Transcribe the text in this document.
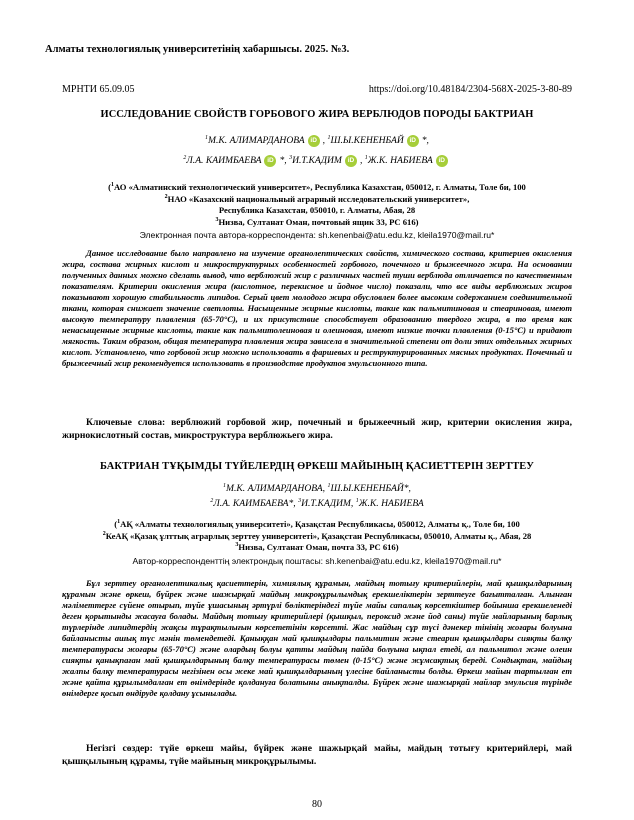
Алматы технологиялық университетінің хабаршысы. 2025. №3.
МРНТИ 65.09.05	https://doi.org/10.48184/2304-568X-2025-3-80-89
ИССЛЕДОВАНИЕ СВОЙСТВ ГОРБОВОГО ЖИРА ВЕРБЛЮДОВ ПОРОДЫ БАКТРИАН
$^1$М.К. АЛИМАРДАНОВА iD , $^1$Ш.Ы.КЕНЕНБАЙ iD *,
$^2$Л.А. КАИМБАЕВА iD *, $^3$И.Т.КАДИМ iD , $^1$Ж.К. НАБИЕВА iD
($^1$АО «Алматинский технологический университет», Республика Казахстан, 050012, г. Алматы, Толе би, 100
$^2$НАО «Казахский национальный аграрный исследовательский университет»,
Республика Казахстан, 050010, г. Алматы, Абая, 28
$^3$Низва, Султанат Оман, почтовый ящик 33, PC 616)
Электронная почта автора-корреспондента: sh.kenenbai@atu.edu.kz, kleila1970@mail.ru*
Данное исследование было направлено на изучение органолептических свойств, химического состава, критериев окисления жира, состава жирных кислот и микроструктурных особенностей горбового, почечного и брыжеечного жира. На основании полученных данных можно сделать вывод, что верблюжий жир с различных частей туши верблюда отличается по качественным показателям. Критерии окисления жира (кислотное, перекисное и йодное число) показали, что все виды верблюжьих жиров показывают хорошую стабильность липидов. Серый цвет молодого жира обусловлен более высоким содержанием соединительной ткани, которая снижает значение светлоты. Насыщенные жирные кислоты, такие как пальмитиновая и стеариновая, имеют высокую температуру плавления (65-70°C), и их присутствие способствует образованию твердого жира, в то время как ненасыщенные жирные кислоты, такие как пальмитолеиновая и олеиновая, имеют низкие точки плавления (0-15°C) и придают мягкость. Таким образом, общая температура плавления жира зависела в значительной степени от доли этих отдельных жирных кислот. Установлено, что горбовой жир можно использовать в фаршевых и реструктурированных мясных продуктах. Почечный и брыжеечный жир рекомендуется использовать в производстве продуктов эмульсионного типа.
Ключевые слова: верблюжий горбовой жир, почечный и брыжеечный жир, критерии окисления жира, жирнокислотный состав, микроструктура верблюжьего жира.
БАКТРИАН ТҰҚЫМДЫ ТҮЙЕЛЕРДІҢ ӨРКЕШ МАЙЫНЫҢ ҚАСИЕТТЕРІН ЗЕРТТЕУ
$^1$М.К. АЛИМАРДАНОВА, $^1$Ш.Ы.КЕНЕНБАЙ*,
$^2$Л.А. КАИМБАЕВА*, $^3$И.Т.КАДИМ, $^1$Ж.К. НАБИЕВА
($^1$АҚ «Алматы технологиялық университеті», Қазақстан Республикасы, 050012, Алматы қ., Толе би, 100
$^2$КеАҚ «Қазақ ұлттық аграрлық зерттеу университеті», Қазақстан Республикасы, 050010, Алматы қ., Абая, 28
$^3$Низва, Султанат Оман, почта 33, PC 616)
Автор-корреспонденттің электрондық поштасы: sh.kenenbai@atu.edu.kz, kleila1970@mail.ru*
Бұл зерттеу органолептикалық қасиеттерін, химиялық құрамын, майдың тотығу критерийлерін, май қышқылдарының құрамын және өркеш, бүйрек және шажырқай майдың микроқұрылымдық ерекшеліктерін зерттеуге бағытталған. Алынған мәліметтерге сүйене отырып, түйе ұшасының әртүрлі бөліктеріндегі түйе майы сапалық көрсеткіштер бойынша ерекшеленеді деген қорытынды жасауға болады. Майдың тотығу критерийлері (қышқыл, пероксид және йод саны) түйе майларының барлық түрлерінде липидтердің жақсы тұрақтылығын көрсететінін көрсетті. Жас майдың сұр түсі дәнекер тінінің жоғары болуына байланысты ашық түс мәнін төмендетеді. Қаныққан май қышқылдары пальмитин және стеарин қышқылдары сияқты балқу температурасы жоғары (65-70°C) және олардың болуы қатты майдың пайда болуына ықпал етеді, ал пальмитол және олеин сияқты қанықпаған май қышқылдарының балқу температурасы төмен (0-15°C) және жұмсақтық береді. Сондықтан, майдың жалпы балқу температурасы негізінен осы жеке май қышқылдарының үлесіне байланысты болды. Өркеш майын тартылған ет және қайта құрылымдалған ет өнімдерінде қолдануға болатыны анықталды. Бүйрек және шажырқай майлар эмульсия түрінде өнімдерге қосып өндіруде қолдану ұсынылады.
Негізгі сөздер: түйе өркеш майы, бүйрек және шажырқай майы, майдың тотығу критерийлері, май қышқылының құрамы, түйе майының микроқұрылымы.
80
